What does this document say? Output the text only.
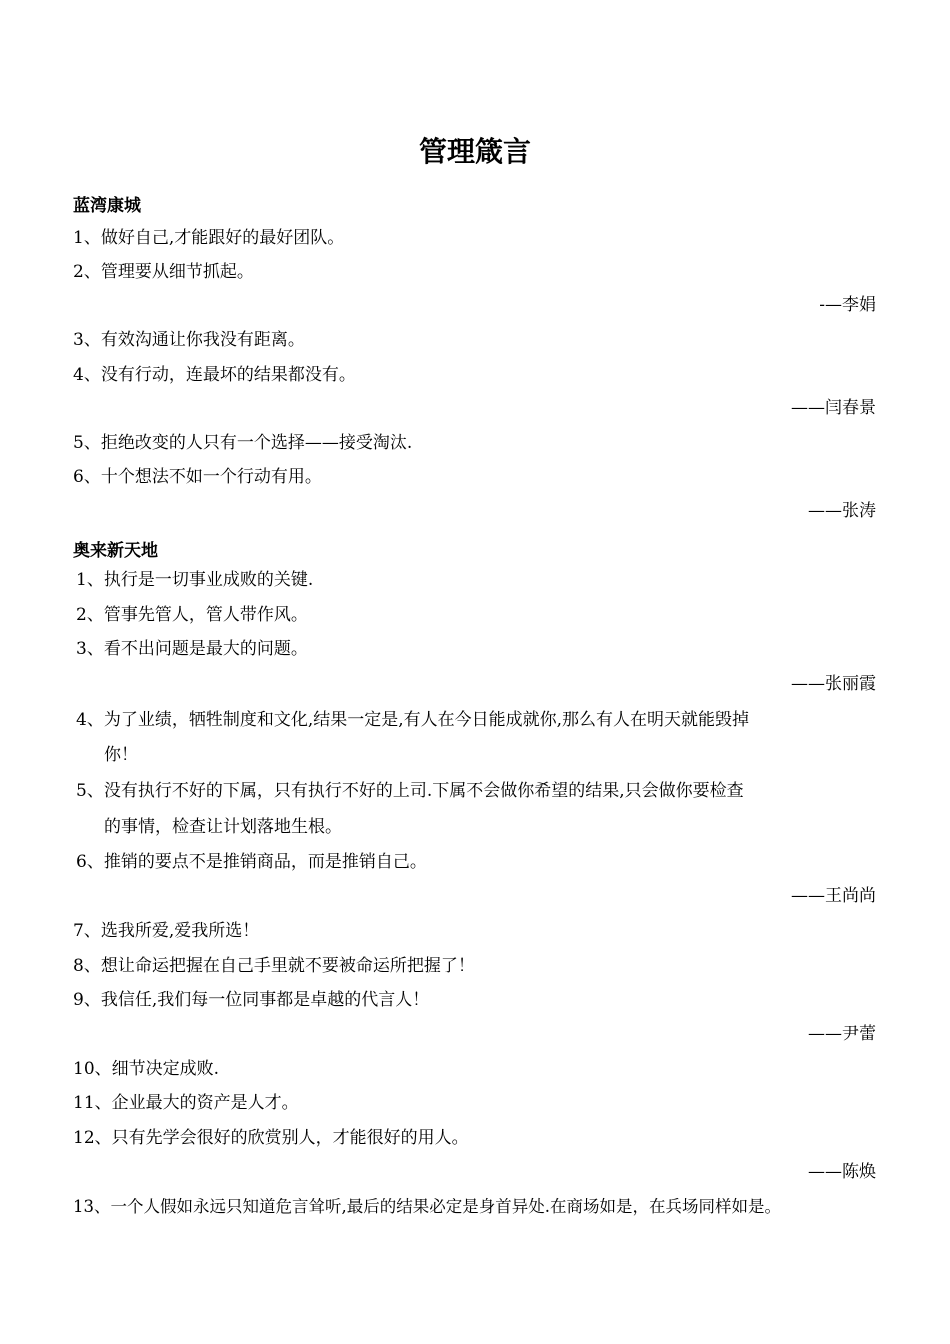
管理箴言
蓝湾康城
1、做好自己,才能跟好的最好团队。
2、管理要从细节抓起。
-—李娟
3、有效沟通让你我没有距离。
4、没有行动，连最坏的结果都没有。
——闫春景
5、拒绝改变的人只有一个选择——接受淘汰.
6、十个想法不如一个行动有用。
——张涛
奥来新天地
1、执行是一切事业成败的关键.
2、管事先管人，管人带作风。
3、看不出问题是最大的问题。
——张丽霞
4、为了业绩，牺牲制度和文化,结果一定是,有人在今日能成就你,那么有人在明天就能毁掉
你！
5、没有执行不好的下属，只有执行不好的上司.下属不会做你希望的结果,只会做你要检查
的事情，检查让计划落地生根。
6、推销的要点不是推销商品，而是推销自己。
——王尚尚
7、选我所爱,爱我所选！
8、想让命运把握在自己手里就不要被命运所把握了！
9、我信任,我们每一位同事都是卓越的代言人！
——尹蕾
10、细节决定成败.
11、企业最大的资产是人才。
12、只有先学会很好的欣赏别人，才能很好的用人。
——陈焕
13、一个人假如永远只知道危言耸听,最后的结果必定是身首异处.在商场如是，在兵场同样如是。
